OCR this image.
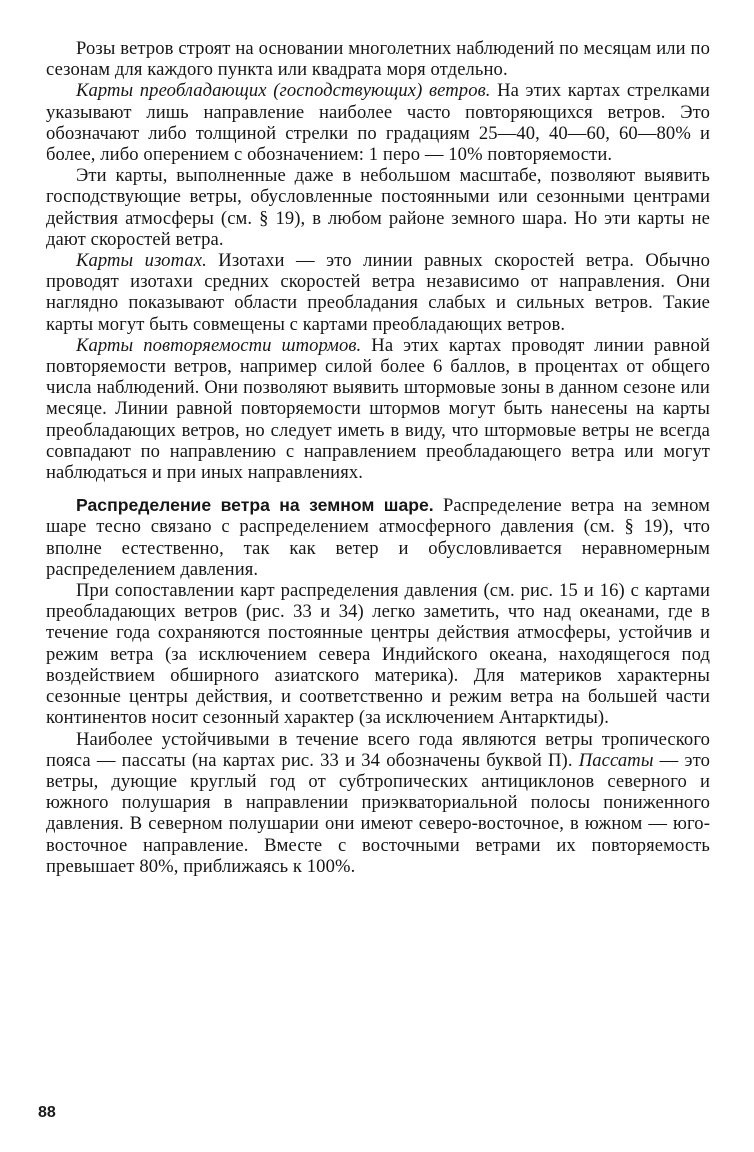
Розы ветров строят на основании многолетних наблюдений по месяцам или по сезонам для каждого пункта или квадрата моря отдельно.

Карты преобладающих (господствующих) ветров. На этих картах стрелками указывают лишь направление наиболее часто повторяющихся ветров. Это обозначают либо толщиной стрелки по градациям 25—40, 40—60, 60—80% и более, либо оперением с обозначением: 1 перо — 10% повторяемости.

Эти карты, выполненные даже в небольшом масштабе, позволяют выявить господствующие ветры, обусловленные постоянными или сезонными центрами действия атмосферы (см. § 19), в любом районе земного шара. Но эти карты не дают скоростей ветра.

Карты изотах. Изотахи — это линии равных скоростей ветра. Обычно проводят изотахи средних скоростей ветра независимо от направления. Они наглядно показывают области преобладания слабых и сильных ветров. Такие карты могут быть совмещены с картами преобладающих ветров.

Карты повторяемости штормов. На этих картах проводят линии равной повторяемости ветров, например силой более 6 баллов, в процентах от общего числа наблюдений. Они позволяют выявить штормовые зоны в данном сезоне или месяце. Линии равной повторяемости штормов могут быть нанесены на карты преобладающих ветров, но следует иметь в виду, что штормовые ветры не всегда совпадают по направлению с направлением преобладающего ветра или могут наблюдаться и при иных направлениях.

Распределение ветра на земном шаре. Распределение ветра на земном шаре тесно связано с распределением атмосферного давления (см. § 19), что вполне естественно, так как ветер и обусловливается неравномерным распределением давления.

При сопоставлении карт распределения давления (см. рис. 15 и 16) с картами преобладающих ветров (рис. 33 и 34) легко заметить, что над океанами, где в течение года сохраняются постоянные центры действия атмосферы, устойчив и режим ветра (за исключением севера Индийского океана, находящегося под воздействием обширного азиатского материка). Для материков характерны сезонные центры действия, и соответственно и режим ветра на большей части континентов носит сезонный характер (за исключением Антарктиды).

Наиболее устойчивыми в течение всего года являются ветры тропического пояса — пассаты (на картах рис. 33 и 34 обозначены буквой П). Пассаты — это ветры, дующие круглый год от субтропических антициклонов северного и южного полушария в направлении приэкваториальной полосы пониженного давления. В северном полушарии они имеют северо-восточное, в южном — юго-восточное направление. Вместе с восточными ветрами их повторяемость превышает 80%, приближаясь к 100%.

88
